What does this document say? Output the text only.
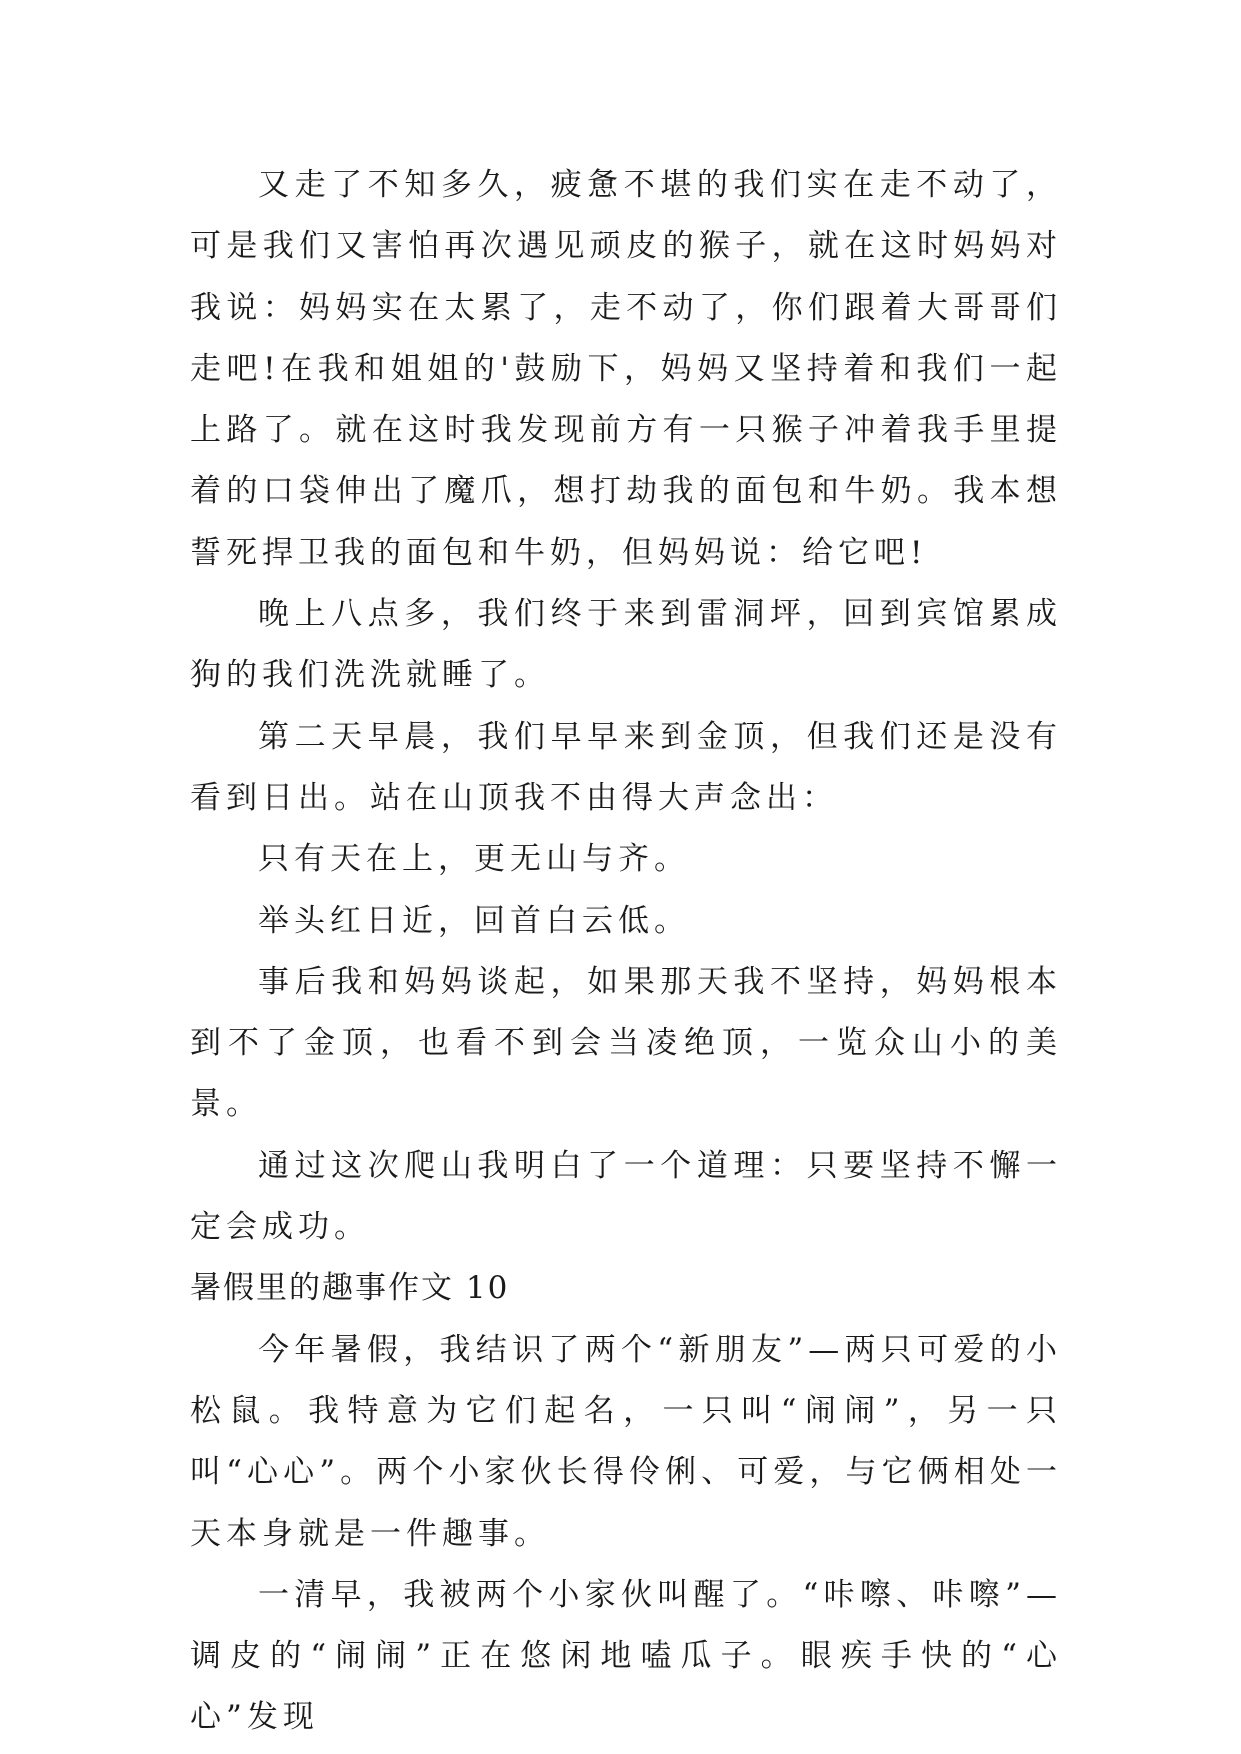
又走了不知多久，疲惫不堪的我们实在走不动了，可是我们又害怕再次遇见顽皮的猴子，就在这时妈妈对我说：妈妈实在太累了，走不动了，你们跟着大哥哥们走吧!在我和姐姐的'鼓励下，妈妈又坚持着和我们一起上路了。就在这时我发现前方有一只猴子冲着我手里提着的口袋伸出了魔爪，想打劫我的面包和牛奶。我本想誓死捍卫我的面包和牛奶，但妈妈说：给它吧!

晚上八点多，我们终于来到雷洞坪，回到宾馆累成狗的我们洗洗就睡了。

第二天早晨，我们早早来到金顶，但我们还是没有看到日出。站在山顶我不由得大声念出：

只有天在上，更无山与齐。

举头红日近，回首白云低。

事后我和妈妈谈起，如果那天我不坚持，妈妈根本到不了金顶，也看不到会当凌绝顶，一览众山小的美景。

通过这次爬山我明白了一个道理：只要坚持不懈一定会成功。

暑假里的趣事作文 10

今年暑假，我结识了两个“新朋友”—两只可爱的小松鼠。我特意为它们起名，一只叫“闹闹”，另一只叫“心心”。两个小家伙长得伶俐、可爱，与它俩相处一天本身就是一件趣事。

一清早，我被两个小家伙叫醒了。“咔嚓、咔嚓”—调皮的“闹闹”正在悠闲地嗑瓜子。眼疾手快的“心心”发现
